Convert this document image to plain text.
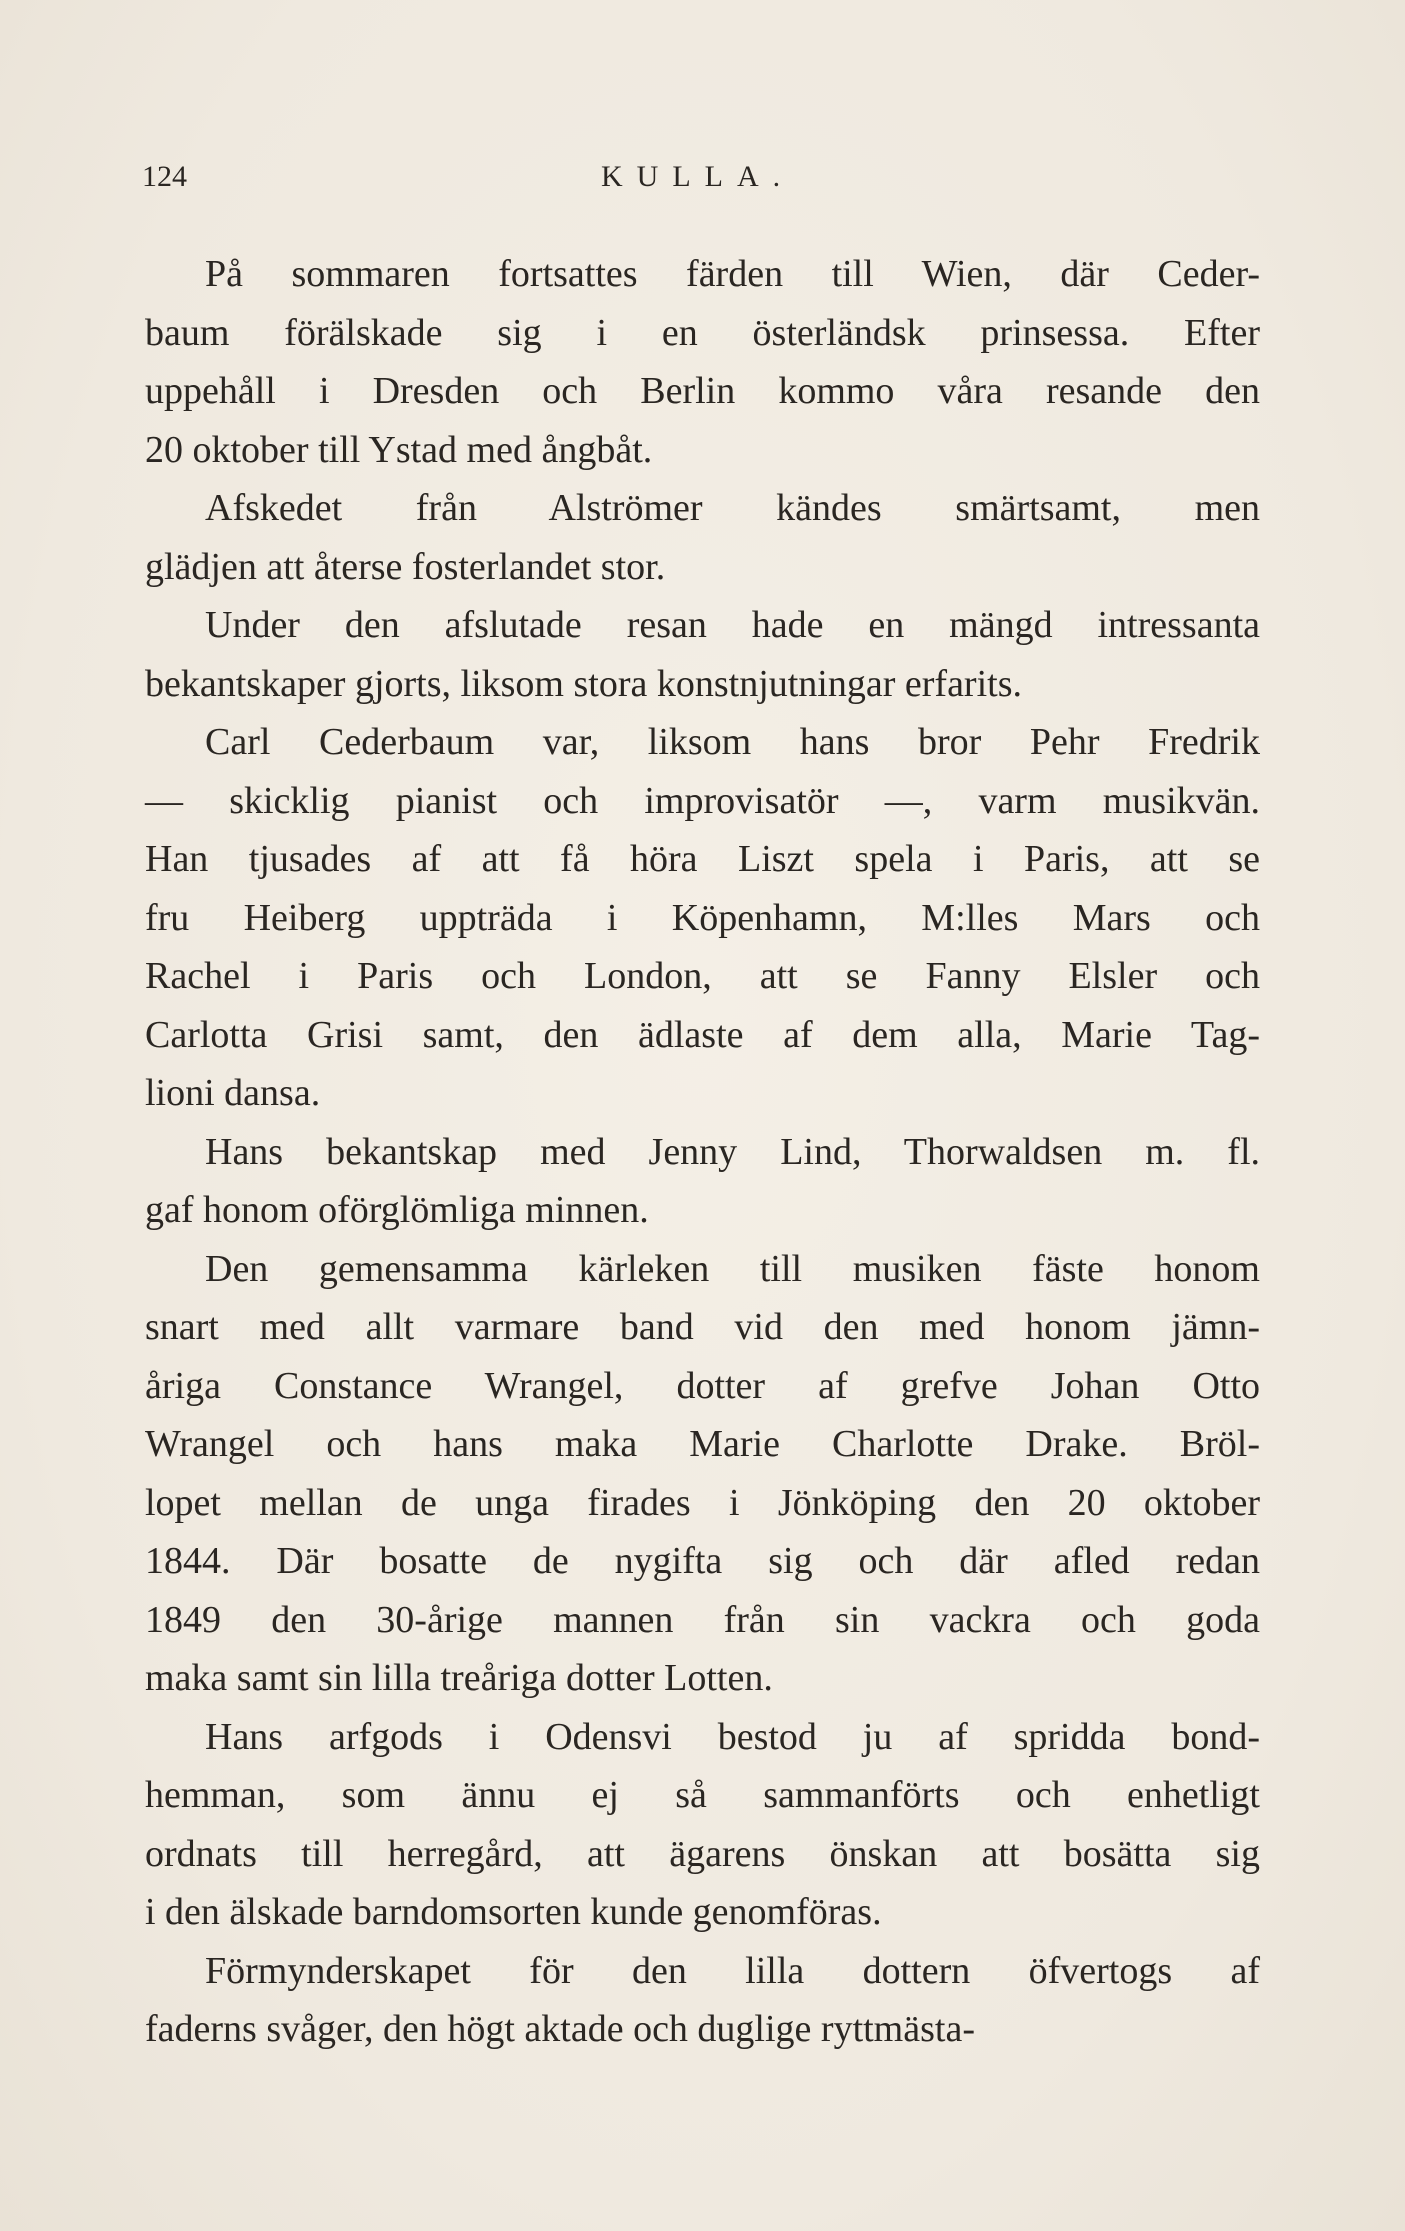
124	KULLA.

På sommaren fortsattes färden till Wien, där Ceder-
baum förälskade sig i en österländsk prinsessa. Efter
uppehåll i Dresden och Berlin kommo våra resande den
20 oktober till Ystad med ångbåt.

Afskedet från Alströmer kändes smärtsamt, men
glädjen att återse fosterlandet stor.

Under den afslutade resan hade en mängd intressanta
bekantskaper gjorts, liksom stora konstnjutningar erfarits.

Carl Cederbaum var, liksom hans bror Pehr Fredrik
— skicklig pianist och improvisatör —, varm musikvän.
Han tjusades af att få höra Liszt spela i Paris, att se
fru Heiberg uppträda i Köpenhamn, M:lles Mars och
Rachel i Paris och London, att se Fanny Elsler och
Carlotta Grisi samt, den ädlaste af dem alla, Marie Tag-
lioni dansa.

Hans bekantskap med Jenny Lind, Thorwaldsen m. fl.
gaf honom oförglömliga minnen.

Den gemensamma kärleken till musiken fäste honom
snart med allt varmare band vid den med honom jämn-
åriga Constance Wrangel, dotter af grefve Johan Otto
Wrangel och hans maka Marie Charlotte Drake. Bröl-
lopet mellan de unga firades i Jönköping den 20 oktober
1844. Där bosatte de nygifta sig och där afled redan
1849 den 30-årige mannen från sin vackra och goda
maka samt sin lilla treåriga dotter Lotten.

Hans arfgods i Odensvi bestod ju af spridda bond-
hemman, som ännu ej så sammanförts och enhetligt
ordnats till herregård, att ägarens önskan att bosätta sig
i den älskade barndomsorten kunde genomföras.

Förmynderskapet för den lilla dottern öfvertogs af
faderns svåger, den högt aktade och duglige ryttmästa-
